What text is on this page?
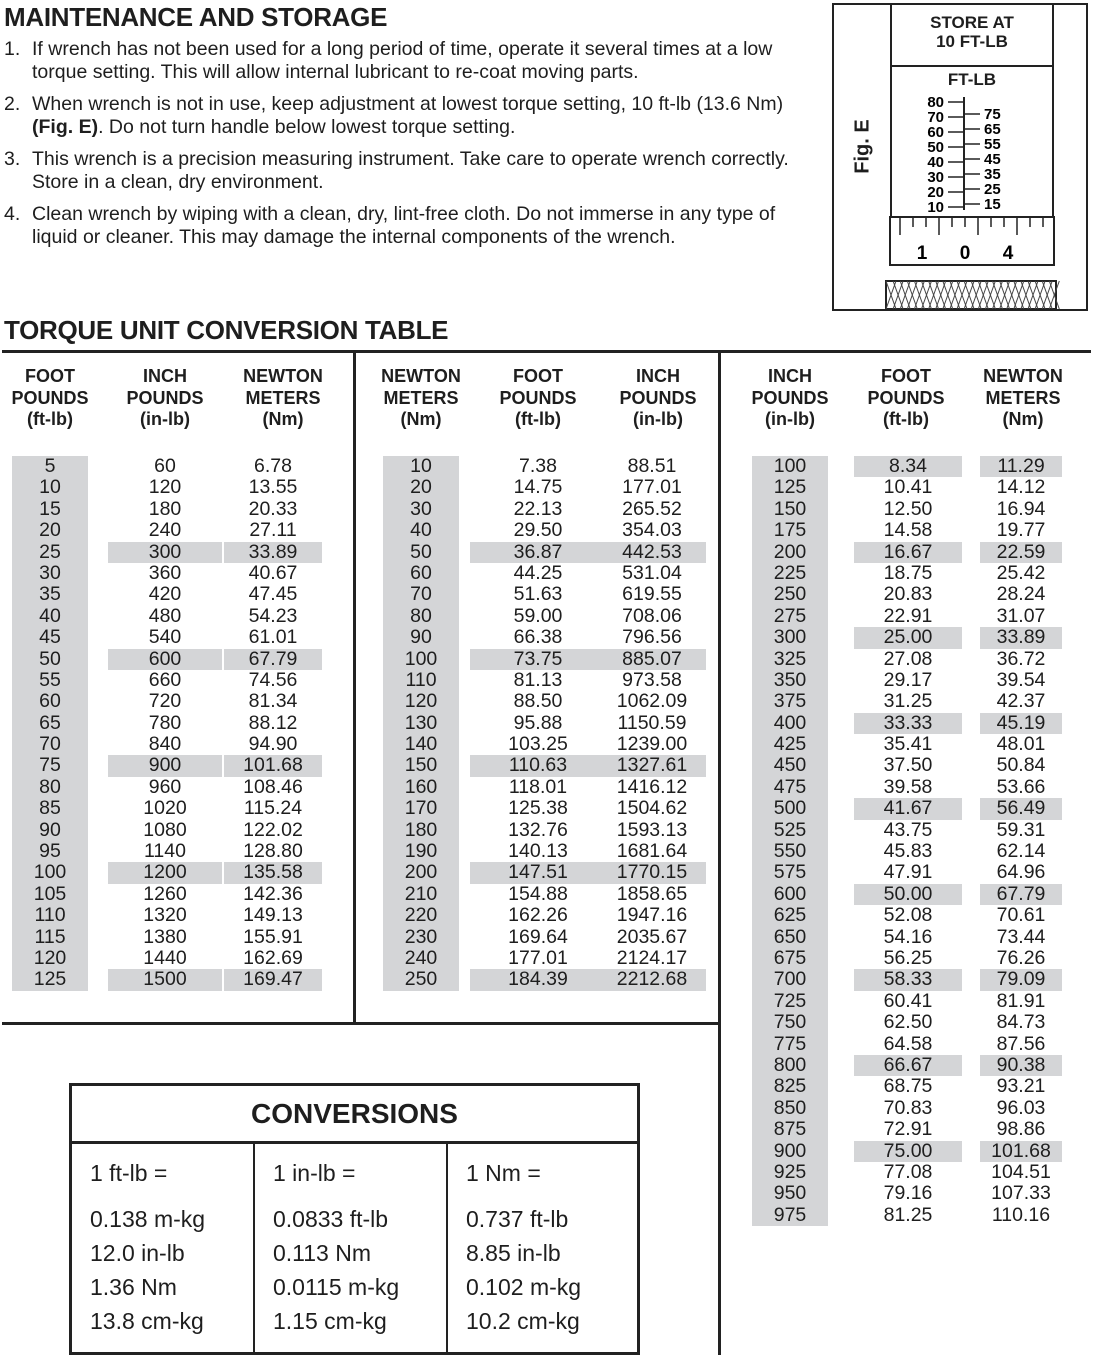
MAINTENANCE AND STORAGE
1. If wrench has not been used for a long period of time, operate it several times at a low torque setting. This will allow internal lubricant to re-coat moving parts.
2. When wrench is not in use, keep adjustment at lowest torque setting, 10 ft-lb (13.6 Nm) (Fig. E). Do not turn handle below lowest torque setting.
3. This wrench is a precision measuring instrument. Take care to operate wrench correctly. Store in a clean, dry environment.
4. Clean wrench by wiping with a clean, dry, lint-free cloth. Do not immerse in any type of liquid or cleaner. This may damage the internal components of the wrench.
Fig. E
STORE AT
10 FT-LB
FT-LB
80
70
60
50
40
30
20
10
75
65
55
45
35
25
15
1 0 4
TORQUE UNIT CONVERSION TABLE
FOOT
POUNDS
(ft-lb)
5
10
15
20
25
30
35
40
45
50
55
60
65
70
75
80
85
90
95
100
105
110
115
120
125
INCH
POUNDS
(in-lb)
60
120
180
240
300
360
420
480
540
600
660
720
780
840
900
960
1020
1080
1140
1200
1260
1320
1380
1440
1500
NEWTON
METERS
(Nm)
6.78
13.55
20.33
27.11
33.89
40.67
47.45
54.23
61.01
67.79
74.56
81.34
88.12
94.90
101.68
108.46
115.24
122.02
128.80
135.58
142.36
149.13
155.91
162.69
169.47
NEWTON
METERS
(Nm)
10
20
30
40
50
60
70
80
90
100
110
120
130
140
150
160
170
180
190
200
210
220
230
240
250
FOOT
POUNDS
(ft-lb)
7.38
14.75
22.13
29.50
36.87
44.25
51.63
59.00
66.38
73.75
81.13
88.50
95.88
103.25
110.63
118.01
125.38
132.76
140.13
147.51
154.88
162.26
169.64
177.01
184.39
INCH
POUNDS
(in-lb)
88.51
177.01
265.52
354.03
442.53
531.04
619.55
708.06
796.56
885.07
973.58
1062.09
1150.59
1239.00
1327.61
1416.12
1504.62
1593.13
1681.64
1770.15
1858.65
1947.16
2035.67
2124.17
2212.68
INCH
POUNDS
(in-lb)
100
125
150
175
200
225
250
275
300
325
350
375
400
425
450
475
500
525
550
575
600
625
650
675
700
725
750
775
800
825
850
875
900
925
950
975
FOOT
POUNDS
(ft-lb)
8.34
10.41
12.50
14.58
16.67
18.75
20.83
22.91
25.00
27.08
29.17
31.25
33.33
35.41
37.50
39.58
41.67
43.75
45.83
47.91
50.00
52.08
54.16
56.25
58.33
60.41
62.50
64.58
66.67
68.75
70.83
72.91
75.00
77.08
79.16
81.25
NEWTON
METERS
(Nm)
11.29
14.12
16.94
19.77
22.59
25.42
28.24
31.07
33.89
36.72
39.54
42.37
45.19
48.01
50.84
53.66
56.49
59.31
62.14
64.96
67.79
70.61
73.44
76.26
79.09
81.91
84.73
87.56
90.38
93.21
96.03
98.86
101.68
104.51
107.33
110.16
CONVERSIONS
1 ft-lb =
0.138 m-kg
12.0 in-lb
1.36 Nm
13.8 cm-kg
1 in-lb =
0.0833 ft-lb
0.113 Nm
0.0115 m-kg
1.15 cm-kg
1 Nm =
0.737 ft-lb
8.85 in-lb
0.102 m-kg
10.2 cm-kg
